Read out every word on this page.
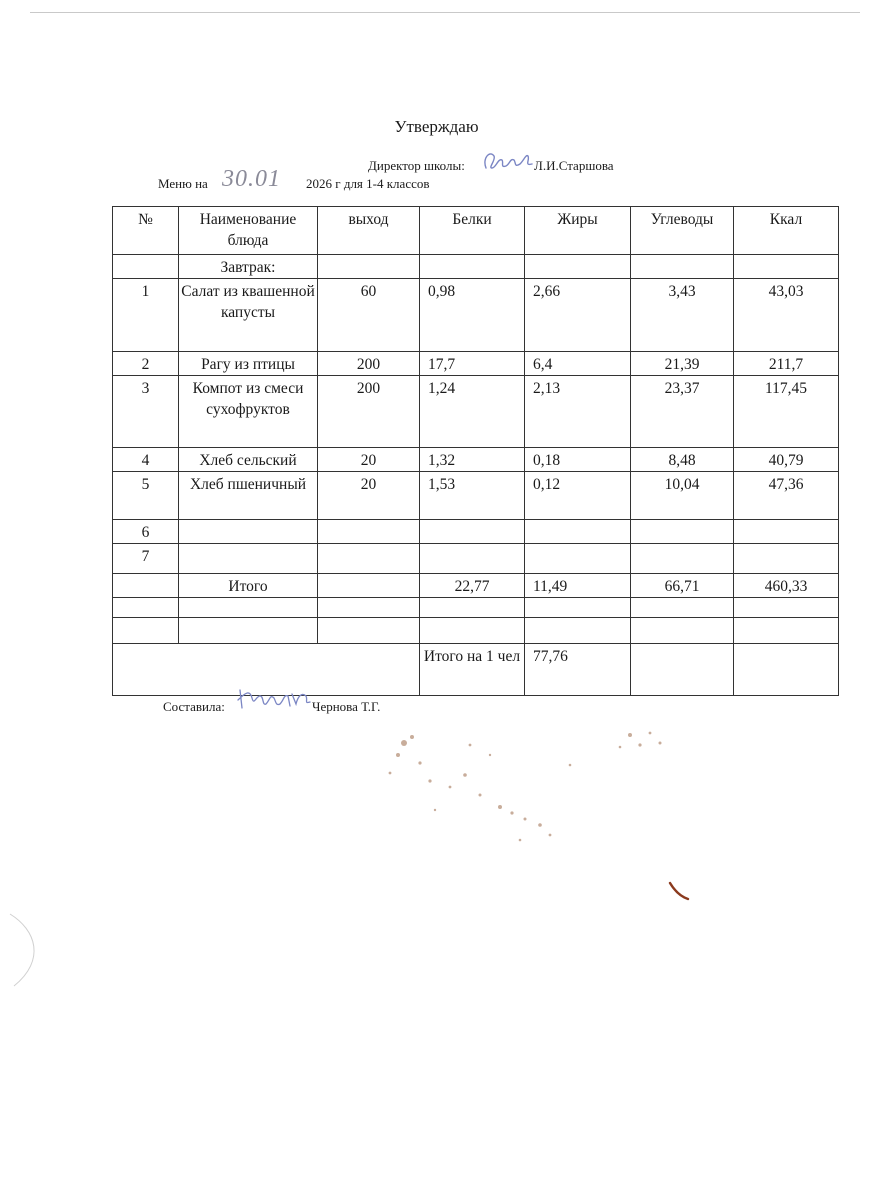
Утверждаю
Директор школы:	Л.И.Старшова
Меню на 30.01 2026 г для 1-4 классов
№	Наименование блюда	выход	Белки	Жиры	Углеводы	Ккал
	Завтрак:					
1	Салат из квашенной капусты	60	0,98	2,66	3,43	43,03
2	Рагу из птицы	200	17,7	6,4	21,39	211,7
3	Компот из смеси сухофруктов	200	1,24	2,13	23,37	117,45
4	Хлеб сельский	20	1,32	0,18	8,48	40,79
5	Хлеб пшеничный	20	1,53	0,12	10,04	47,36
6						
7						
	Итого		22,77	11,49	66,71	460,33

			Итого на 1 чел	77,76		
Составила:	Чернова Т.Г.
